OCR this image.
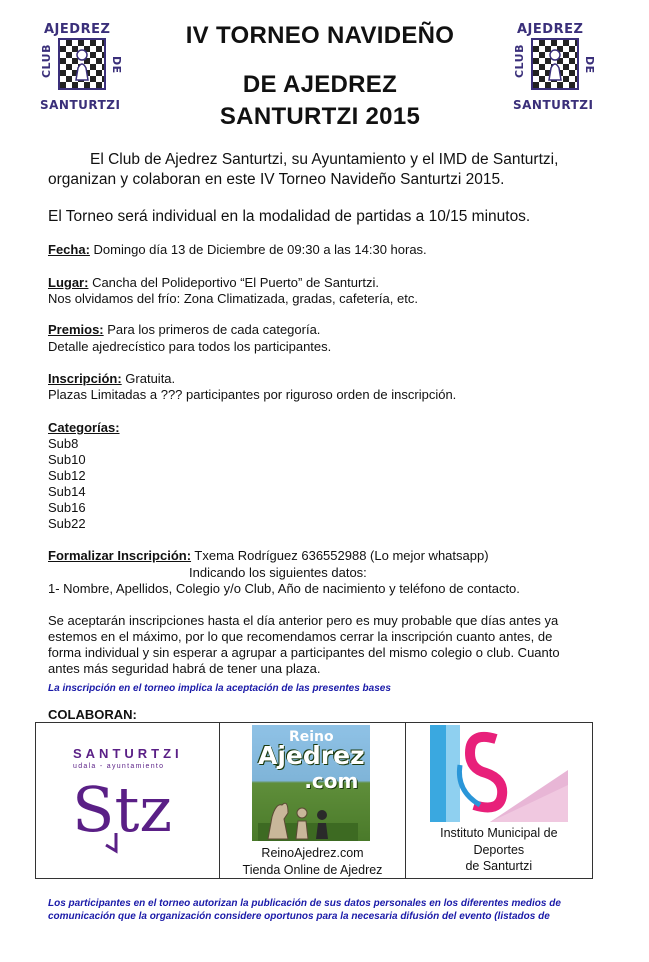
AJEDREZ
CLUB	DE
SANTURTZI
AJEDREZ
CLUB	DE
SANTURTZI
IV TORNEO NAVIDEÑO
DE AJEDREZ
SANTURTZI 2015
El Club de Ajedrez Santurtzi, su Ayuntamiento y el IMD de Santurtzi,
organizan y colaboran en este IV Torneo Navideño Santurtzi 2015.
El Torneo será individual en la modalidad de partidas a 10/15 minutos.
Fecha: Domingo día 13 de Diciembre de 09:30 a las 14:30 horas.
Lugar: Cancha del Polideportivo “El Puerto” de Santurtzi.
Nos olvidamos del frío: Zona Climatizada, gradas, cafetería, etc.
Premios: Para los primeros de cada categoría.
Detalle ajedrecístico para todos los participantes.
Inscripción: Gratuita.
Plazas Limitadas a ??? participantes por riguroso orden de inscripción.
Categorías:
Sub8
Sub10
Sub12
Sub14
Sub16
Sub22
Formalizar Inscripción: Txema Rodríguez 636552988 (Lo mejor whatsapp)
Indicando los siguientes datos:
1- Nombre, Apellidos, Colegio y/o Club, Año de nacimiento y teléfono de contacto.
Se aceptarán inscripciones hasta el día anterior pero es muy probable que días antes ya
estemos en el máximo, por lo que recomendamos cerrar la inscripción cuanto antes, de
forma individual y sin esperar a agrupar a participantes del mismo colegio o club. Cuanto
antes más seguridad habrá de tener una plaza.
La inscripción en el torneo implica la aceptación de las presentes bases
COLABORAN:
SANTURTZI
udala - ayuntamiento
Stz

Reino
Ajedrez
.com
ReinoAjedrez.com
Tienda Online de Ajedrez

Instituto Municipal de
Deportes
de Santurtzi
Los participantes en el torneo autorizan la publicación de sus datos personales en los diferentes medios de
comunicación que la organización considere oportunos para la necesaria difusión del evento (listados de
